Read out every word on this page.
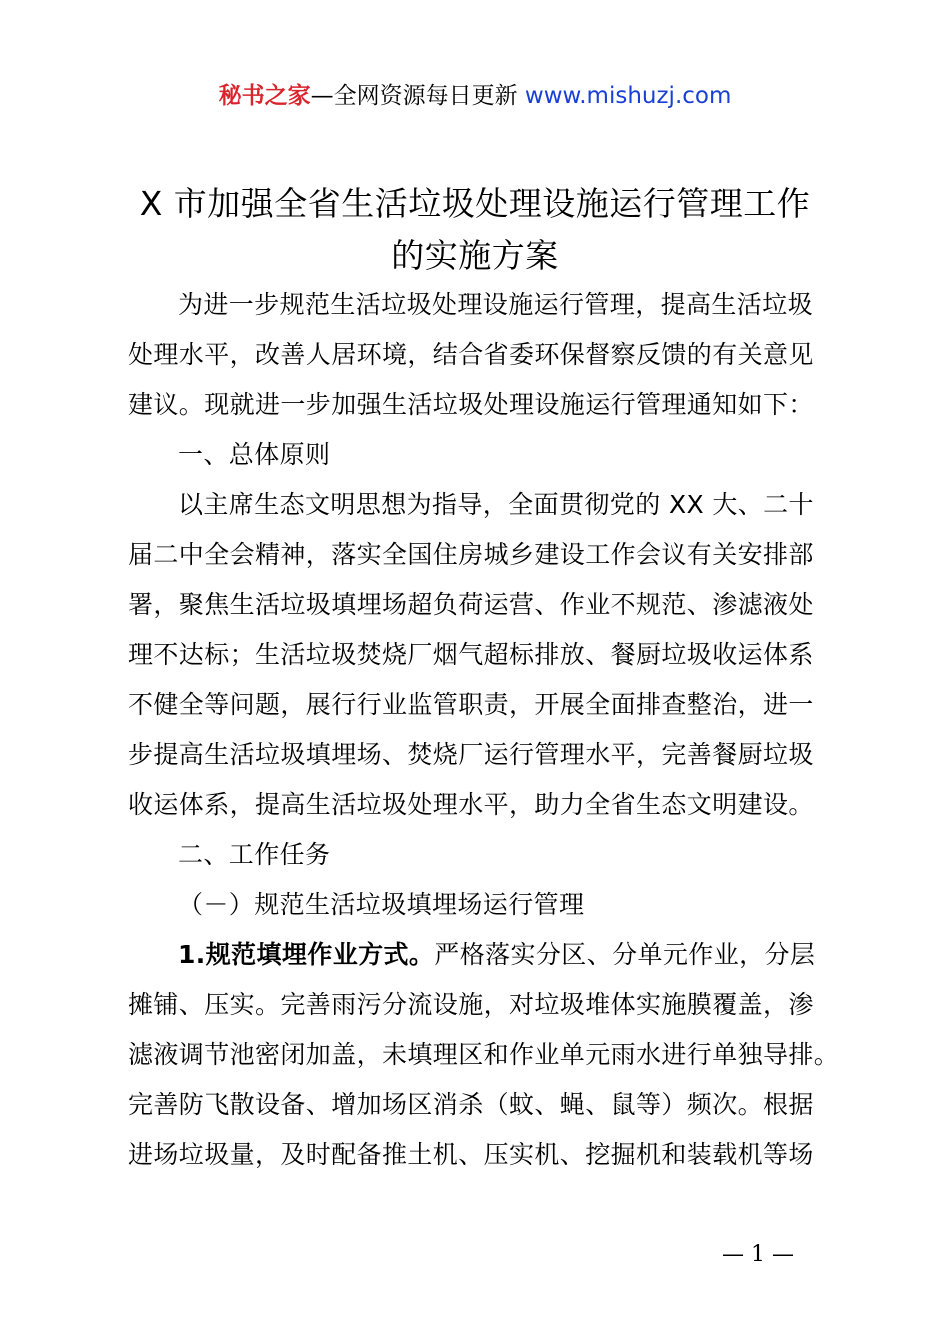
秘书之家—全网资源每日更新 www.mishuzj.com
X 市加强全省生活垃圾处理设施运行管理工作
的实施方案
为进一步规范生活垃圾处理设施运行管理，提高生活垃圾
处理水平，改善人居环境，结合省委环保督察反馈的有关意见
建议。现就进一步加强生活垃圾处理设施运行管理通知如下：
一、总体原则
以主席生态文明思想为指导，全面贯彻党的 XX 大、二十
届二中全会精神，落实全国住房城乡建设工作会议有关安排部
署，聚焦生活垃圾填埋场超负荷运营、作业不规范、渗滤液处
理不达标；生活垃圾焚烧厂烟气超标排放、餐厨垃圾收运体系
不健全等问题，展行行业监管职责，开展全面排查整治，进一
步提高生活垃圾填埋场、焚烧厂运行管理水平，完善餐厨垃圾
收运体系，提高生活垃圾处理水平，助力全省生态文明建设。
二、工作任务
（－）规范生活垃圾填埋场运行管理
1.规范填埋作业方式。严格落实分区、分单元作业，分层
摊铺、压实。完善雨污分流设施，对垃圾堆体实施膜覆盖，渗
滤液调节池密闭加盖，未填理区和作业单元雨水进行单独导排。
完善防飞散设备、增加场区消杀（蚊、蝇、鼠等）频次。根据
进场垃圾量，及时配备推土机、压实机、挖掘机和装载机等场
— 1 —
